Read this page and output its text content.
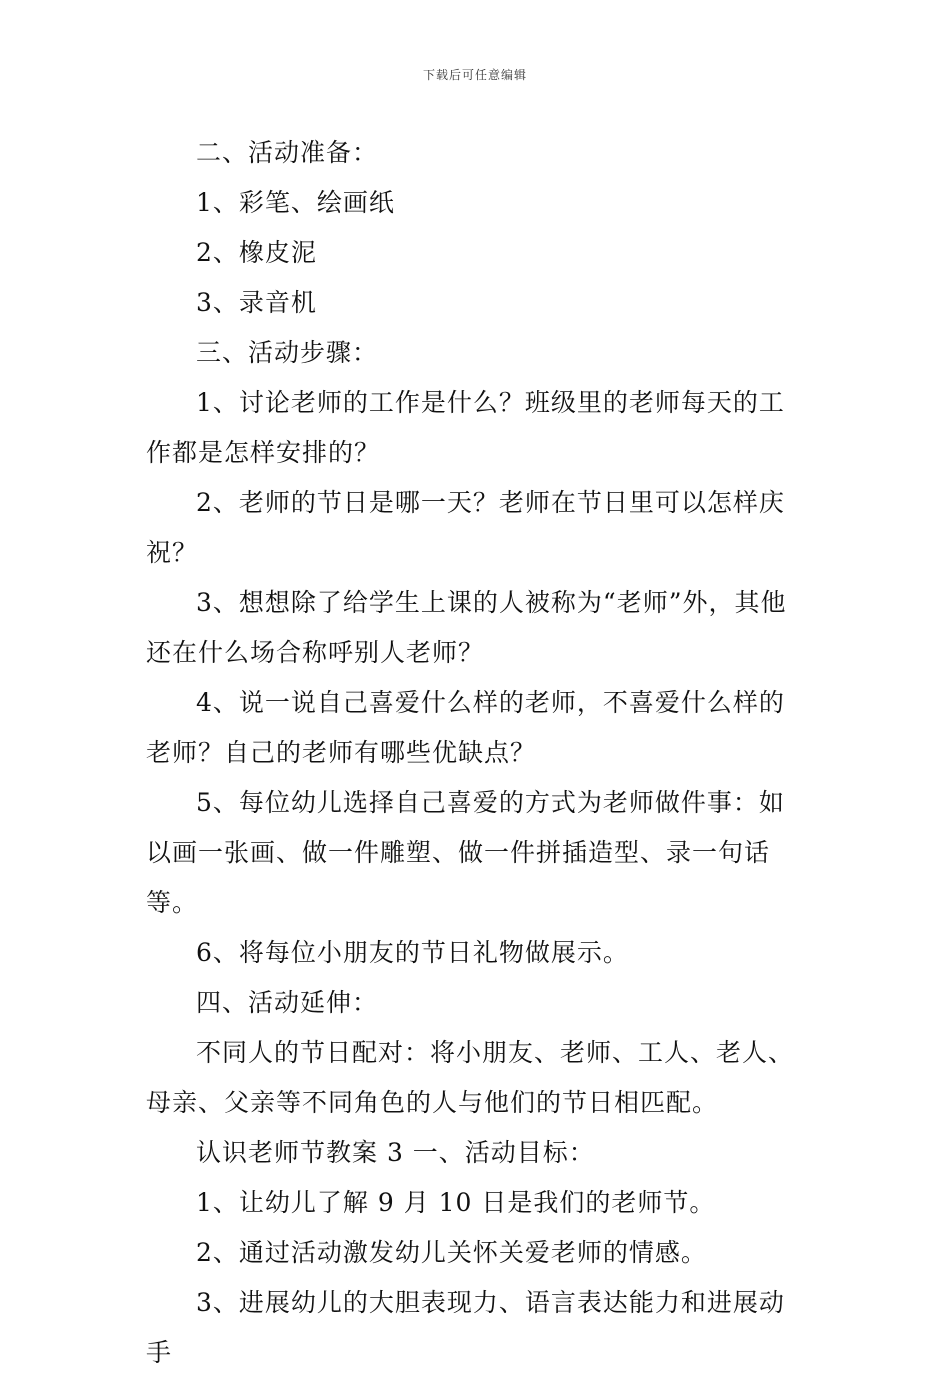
下载后可任意编辑

二、活动准备：

1、彩笔、绘画纸

2、橡皮泥

3、录音机

三、活动步骤：

1、讨论老师的工作是什么？班级里的老师每天的工作都是怎样安排的？

2、老师的节日是哪一天？老师在节日里可以怎样庆祝？

3、想想除了给学生上课的人被称为“老师”外，其他还在什么场合称呼别人老师？

4、说一说自己喜爱什么样的老师，不喜爱什么样的老师？自己的老师有哪些优缺点？

5、每位幼儿选择自己喜爱的方式为老师做件事：如以画一张画、做一件雕塑、做一件拼插造型、录一句话等。

6、将每位小朋友的节日礼物做展示。

四、活动延伸：

不同人的节日配对：将小朋友、老师、工人、老人、母亲、父亲等不同角色的人与他们的节日相匹配。

认识老师节教案 3 一、活动目标：

1、让幼儿了解 9 月 10 日是我们的老师节。

2、通过活动激发幼儿关怀关爱老师的情感。

3、进展幼儿的大胆表现力、语言表达能力和进展动手
